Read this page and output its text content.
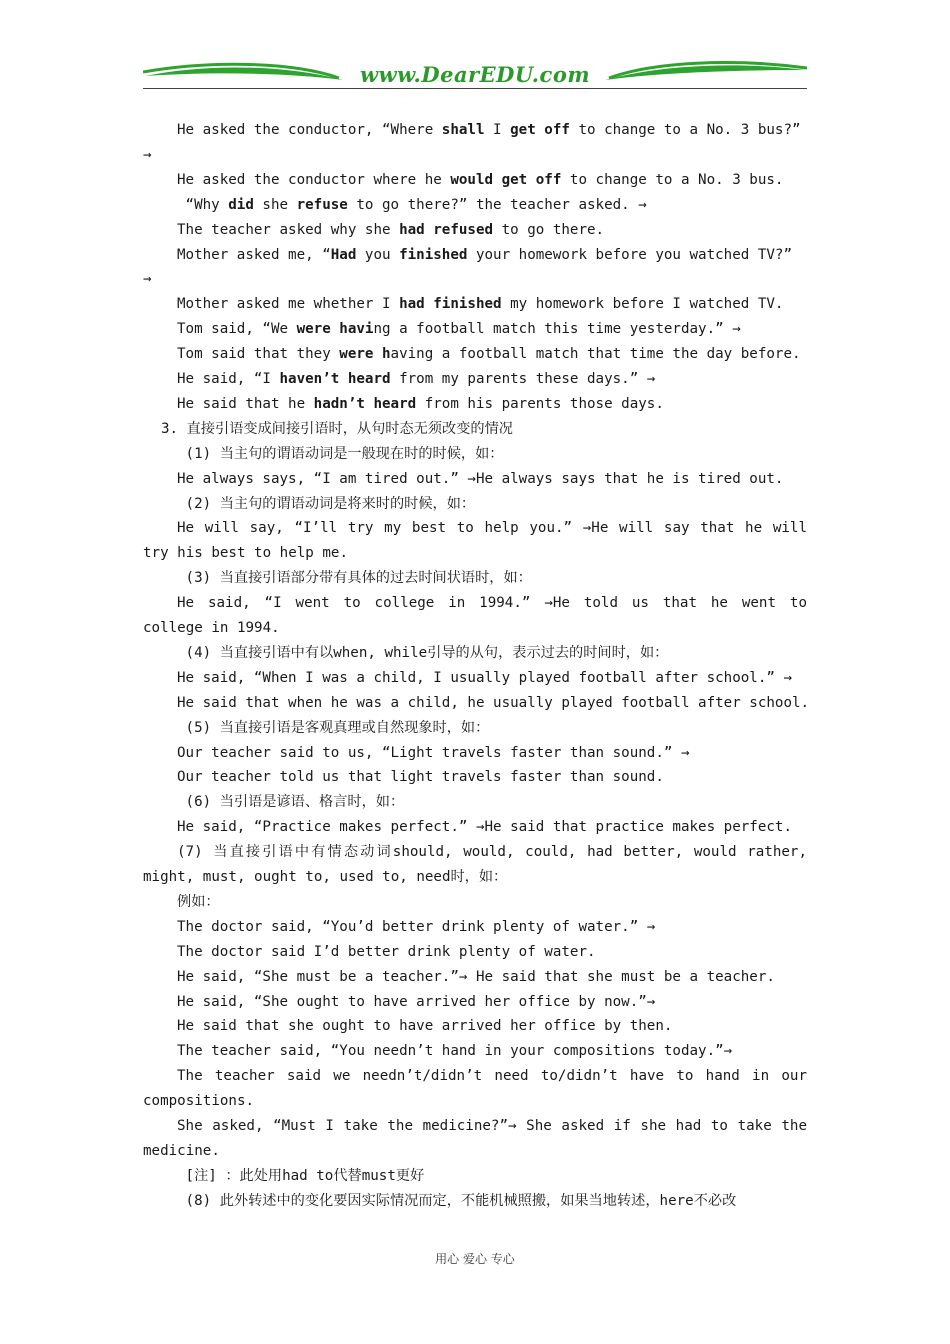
www.DearEDU.com
He asked the conductor, “Where shall I get off to change to a No. 3 bus?”
→
He asked the conductor where he would get off to change to a No. 3 bus.
“Why did she refuse to go there?” the teacher asked. →
The teacher asked why she had refused to go there.
Mother asked me, “Had you finished your homework before you watched TV?”
→
Mother asked me whether I had finished my homework before I watched TV.
Tom said, “We were having a football match this time yesterday.” →
Tom said that they were having a football match that time the day before.
He said, “I haven’t heard from my parents these days.” →
He said that he hadn’t heard from his parents those days.
3. 直接引语变成间接引语时，从句时态无须改变的情况
(1) 当主句的谓语动词是一般现在时的时候，如：
He always says, “I am tired out.” →He always says that he is tired out.
(2) 当主句的谓语动词是将来时的时候，如：
He will say, “I’ll try my best to help you.” →He will say that he will
try his best to help me.
(3) 当直接引语部分带有具体的过去时间状语时，如：
He said, “I went to college in 1994.” →He told us that he went to
college in 1994.
(4) 当直接引语中有以when, while引导的从句，表示过去的时间时，如：
He said, “When I was a child, I usually played football after school.” →
He said that when he was a child, he usually played football after school.
(5) 当直接引语是客观真理或自然现象时，如：
Our teacher said to us, “Light travels faster than sound.” →
Our teacher told us that light travels faster than sound.
(6) 当引语是谚语、格言时，如：
He said, “Practice makes perfect.” →He said that practice makes perfect.
(7) 当直接引语中有情态动词should, would, could, had better, would rather,
might, must, ought to, used to, need时，如：
例如：
The doctor said, “You’d better drink plenty of water.” →
The doctor said I’d better drink plenty of water.
He said, “She must be a teacher.”→ He said that she must be a teacher.
He said, “She ought to have arrived her office by now.”→
He said that she ought to have arrived her office by then.
The teacher said, “You needn’t hand in your compositions today.”→
The teacher said we needn’t/didn’t need to/didn’t have to hand in our
compositions.
She asked, “Must I take the medicine?”→ She asked if she had to take the
medicine.
[注] ：此处用had to代替must更好
(8) 此外转述中的变化要因实际情况而定，不能机械照搬，如果当地转述，here不必改
用心 爱心 专心
